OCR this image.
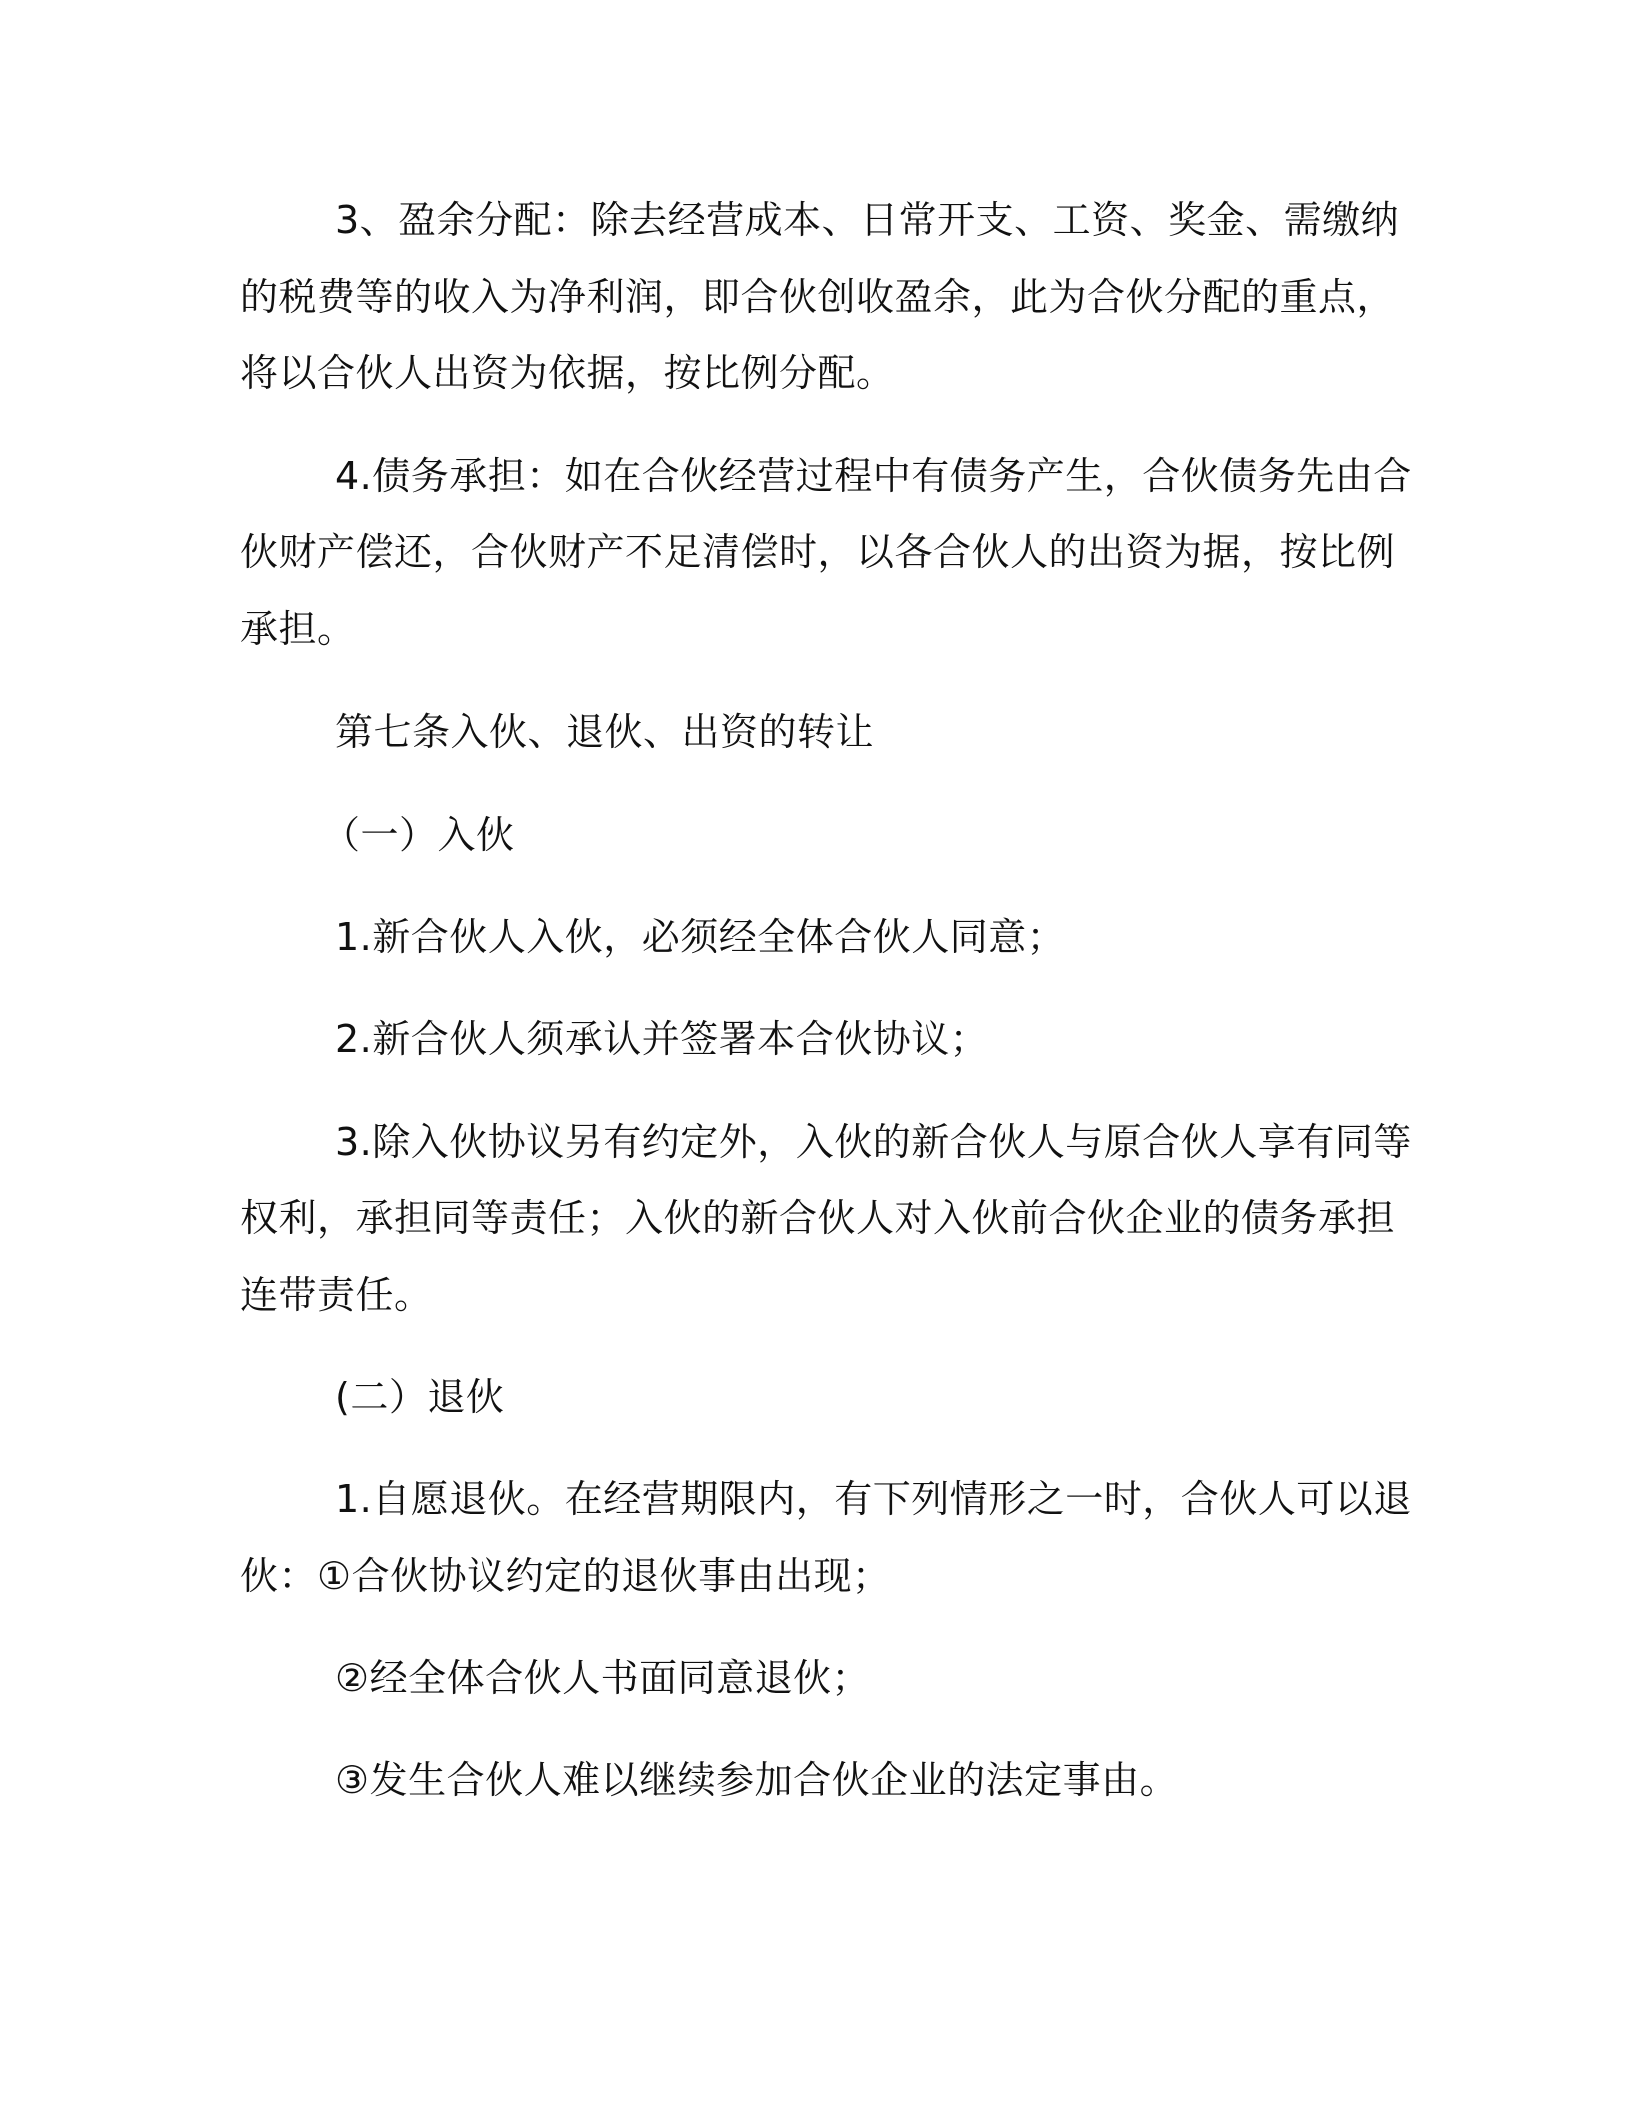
3、盈余分配：除去经营成本、日常开支、工资、奖金、需缴纳
的税费等的收入为净利润，即合伙创收盈余，此为合伙分配的重点，
将以合伙人出资为依据，按比例分配。
4.债务承担：如在合伙经营过程中有债务产生，合伙债务先由合
伙财产偿还，合伙财产不足清偿时，以各合伙人的出资为据，按比例
承担。
第七条入伙、退伙、出资的转让
（一）入伙
1.新合伙人入伙，必须经全体合伙人同意；
2.新合伙人须承认并签署本合伙协议；
3.除入伙协议另有约定外，入伙的新合伙人与原合伙人享有同等
权利，承担同等责任；入伙的新合伙人对入伙前合伙企业的债务承担
连带责任。
(二）退伙
1.自愿退伙。在经营期限内，有下列情形之一时，合伙人可以退
伙：①合伙协议约定的退伙事由出现；
②经全体合伙人书面同意退伙；
③发生合伙人难以继续参加合伙企业的法定事由。
